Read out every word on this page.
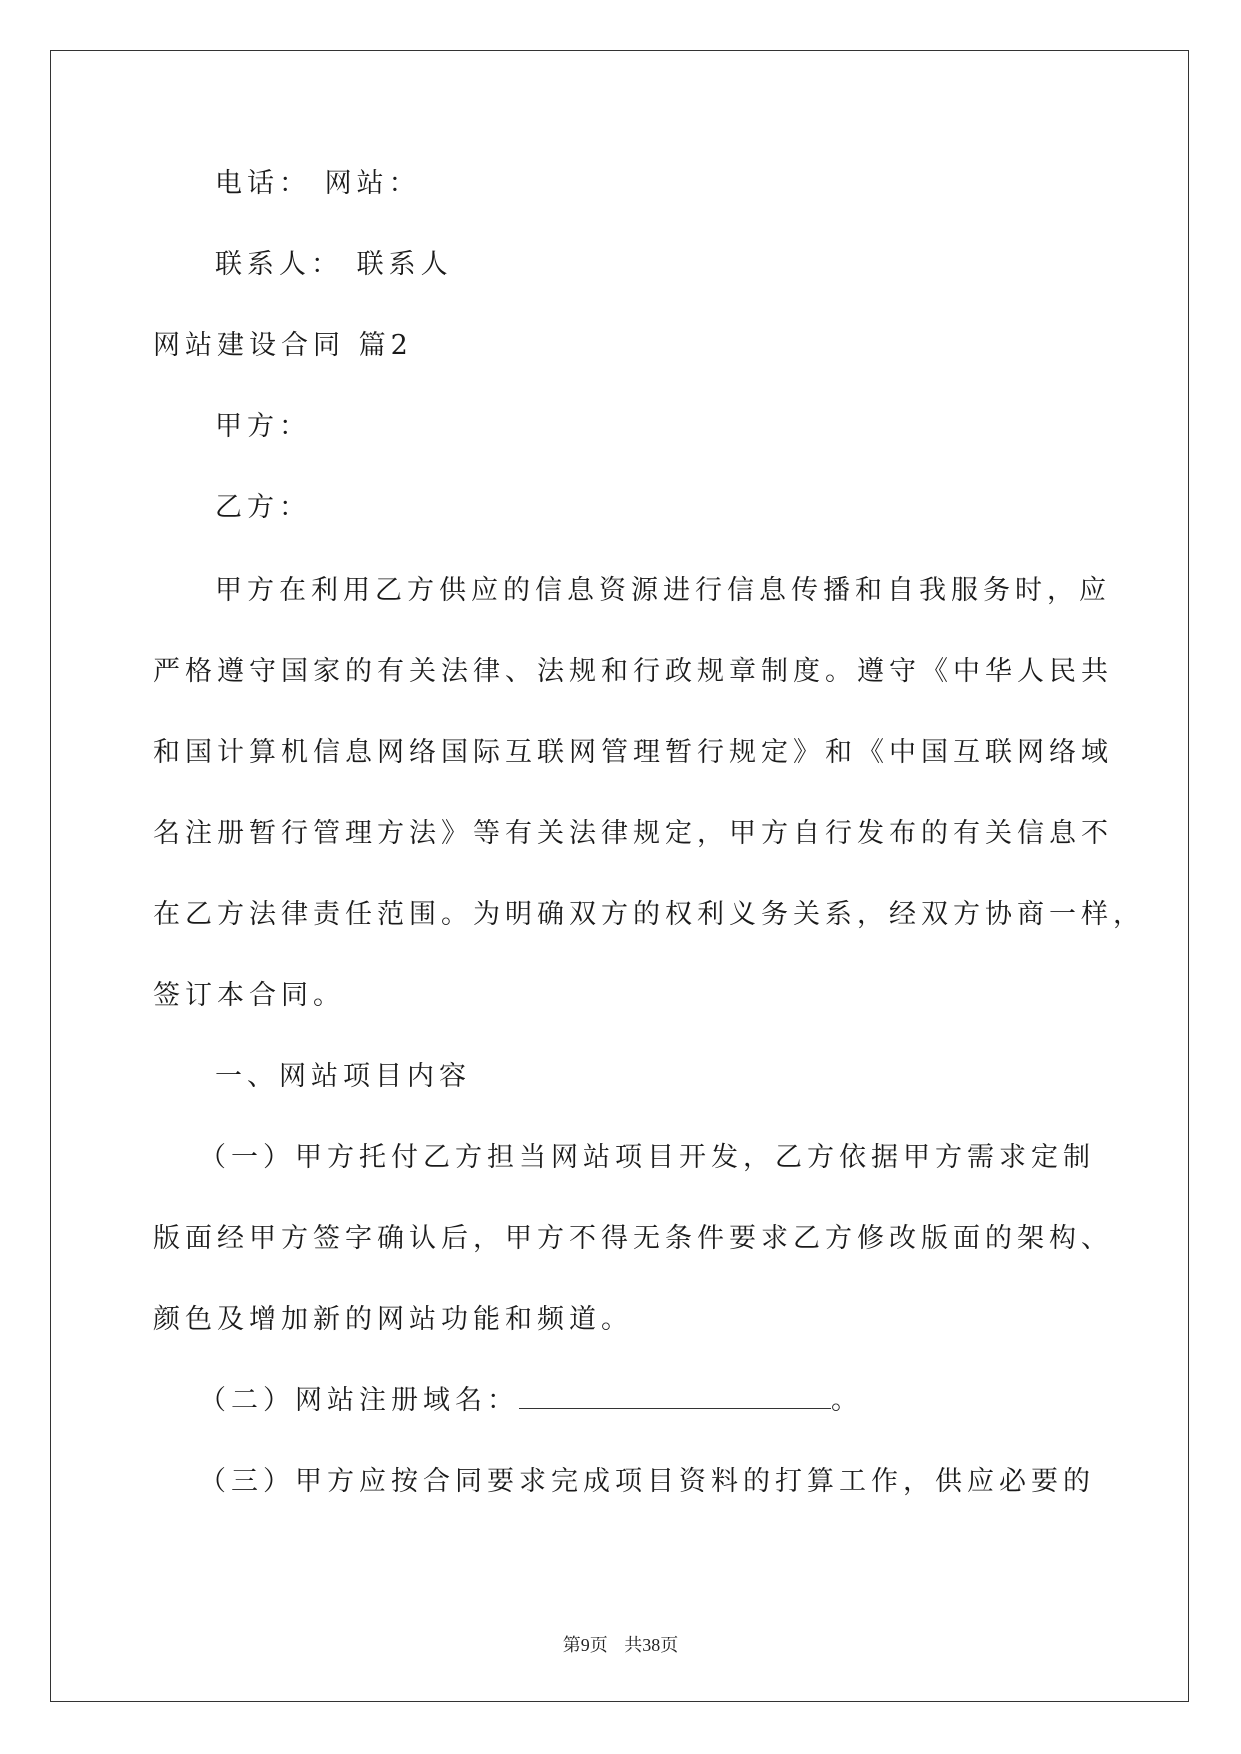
电话： 网站：

联系人： 联系人

网站建设合同 篇2

甲方：

乙方：

甲方在利用乙方供应的信息资源进行信息传播和自我服务时，应

严格遵守国家的有关法律、法规和行政规章制度。遵守《中华人民共

和国计算机信息网络国际互联网管理暂行规定》和《中国互联网络域

名注册暂行管理方法》等有关法律规定，甲方自行发布的有关信息不

在乙方法律责任范围。为明确双方的权利义务关系，经双方协商一样，

签订本合同。

一、网站项目内容

（一）甲方托付乙方担当网站项目开发，乙方依据甲方需求定制

版面经甲方签字确认后，甲方不得无条件要求乙方修改版面的架构、

颜色及增加新的网站功能和频道。

（二）网站注册域名：	。

（三）甲方应按合同要求完成项目资料的打算工作，供应必要的

第9页 共38页
